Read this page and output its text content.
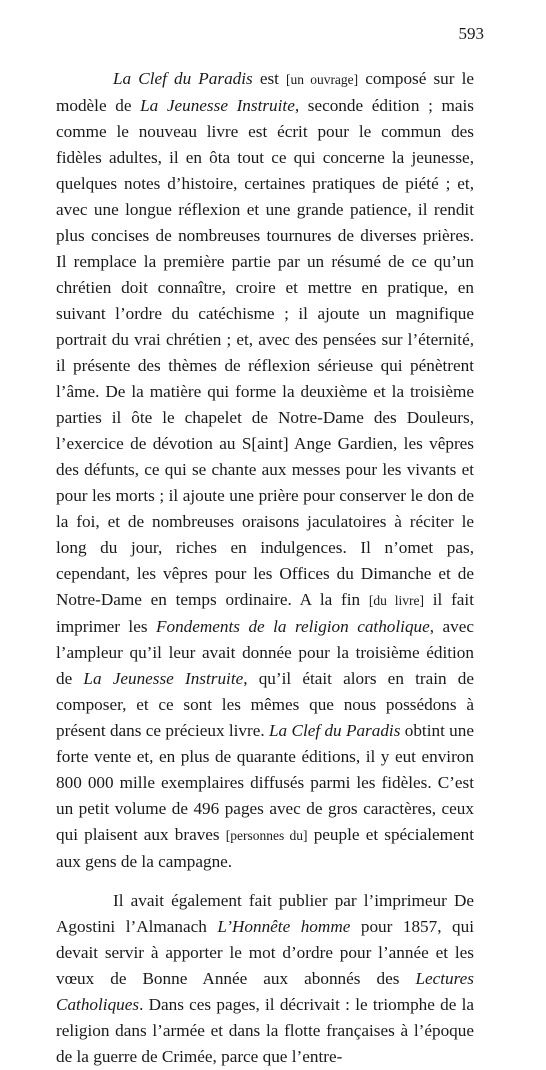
593

La Clef du Paradis est [un ouvrage] composé sur le modèle de La Jeunesse Instruite, seconde édition ; mais comme le nouveau livre est écrit pour le commun des fidèles adultes, il en ôta tout ce qui concerne la jeunesse, quelques notes d’histoire, certaines pratiques de piété ; et, avec une longue réflexion et une grande patience, il rendit plus concises de nombreuses tournures de diverses prières. Il remplace la première partie par un résumé de ce qu’un chrétien doit connaître, croire et mettre en pratique, en suivant l’ordre du catéchisme ; il ajoute un magnifique portrait du vrai chrétien ; et, avec des pensées sur l’éternité, il présente des thèmes de réflexion sérieuse qui pénètrent l’âme. De la matière qui forme la deuxième et la troisième parties il ôte le chapelet de Notre-Dame des Douleurs, l’exercice de dévotion au S[aint] Ange Gardien, les vêpres des défunts, ce qui se chante aux messes pour les vivants et pour les morts ; il ajoute une prière pour conserver le don de la foi, et de nombreuses oraisons jaculatoires à réciter le long du jour, riches en indulgences. Il n’omet pas, cependant, les vêpres pour les Offices du Dimanche et de Notre-Dame en temps ordinaire. A la fin [du livre] il fait imprimer les Fondements de la religion catholique, avec l’ampleur qu’il leur avait donnée pour la troisième édition de La Jeunesse Instruite, qu’il était alors en train de composer, et ce sont les mêmes que nous possédons à présent dans ce précieux livre. La Clef du Paradis obtint une forte vente et, en plus de quarante éditions, il y eut environ 800 000 mille exemplaires diffusés parmi les fidèles. C’est un petit volume de 496 pages avec de gros caractères, ceux qui plaisent aux braves [personnes du] peuple et spécialement aux gens de la campagne.

Il avait également fait publier par l’imprimeur De Agostini l’Almanach L’Honnête homme pour 1857, qui devait servir à apporter le mot d’ordre pour l’année et les vœux de Bonne Année aux abonnés des Lectures Catholiques. Dans ces pages, il décrivait : le triomphe de la religion dans l’armée et dans la flotte françaises à l’époque de la guerre de Crimée, parce que l’entre-
